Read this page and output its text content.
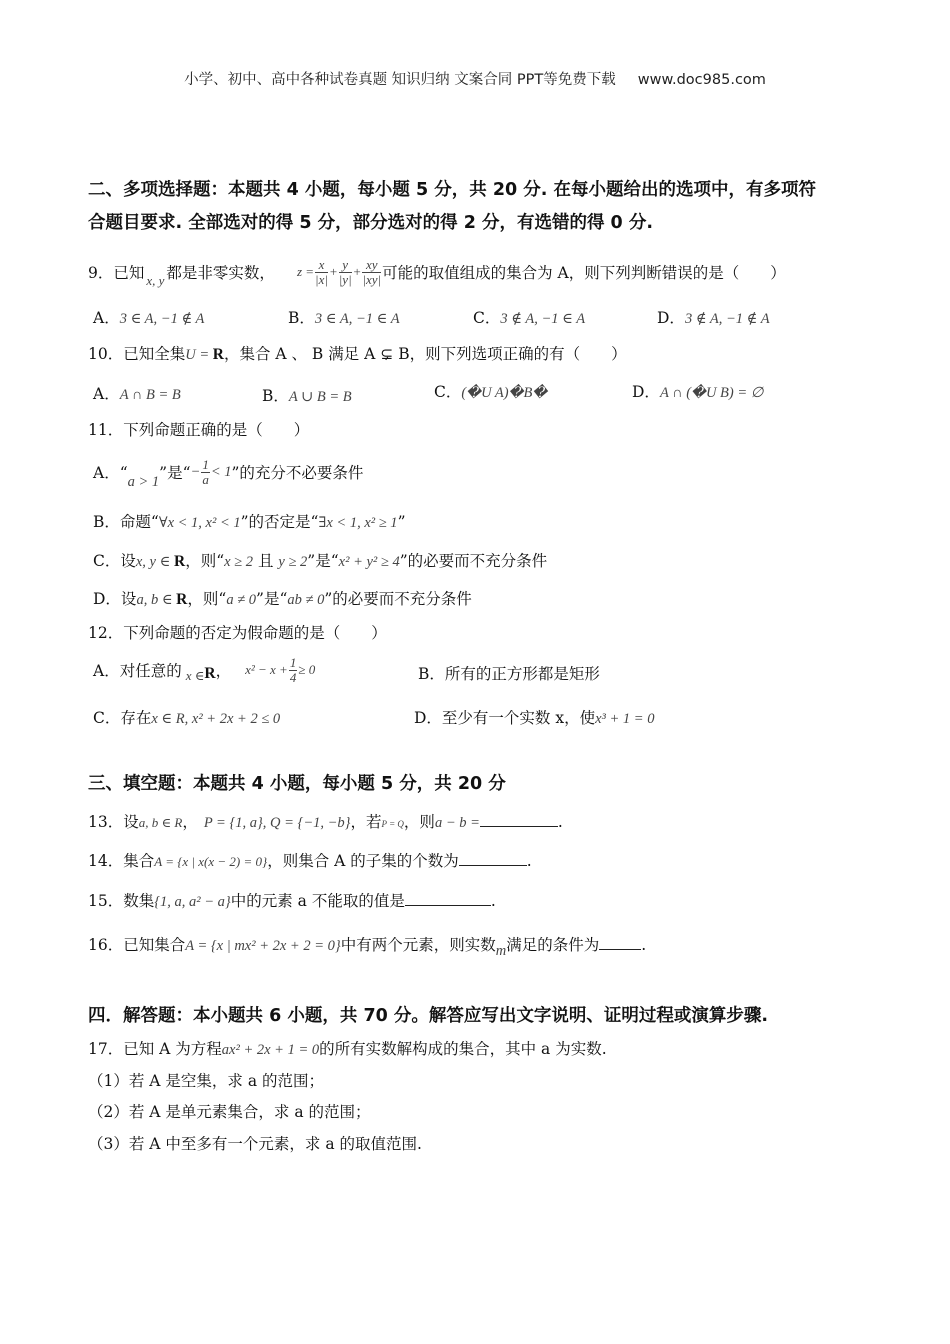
小学、初中、高中各种试卷真题 知识归纳 文案合同 PPT等免费下载 www.doc985.com
二、多项选择题：本题共 4 小题，每小题 5 分，共 20 分. 在每小题给出的选项中，有多项符
合题目要求. 全部选对的得 5 分，部分选对的得 2 分，有选错的得 0 分.
9．已知 x, y 都是非零实数， $z = \frac{x}{|x|} + \frac{y}{|y|} + \frac{xy}{|xy|}$ 可能的取值组成的集合为 A，则下列判断错误的是（　　）
A．3 ∈ A, −1 ∉ A	B．3 ∈ A, −1 ∈ A	C．3 ∉ A, −1 ∈ A	D．3 ∉ A, −1 ∉ A
10．已知全集U = R，集合 A 、 B 满足 A ⊊ B，则下列选项正确的有（　　）
A．A ∩ B = B	B．A ∪ B = B	C．(�U A)�B�	D．A ∩ (�U B) = ∅
11．下列命题正确的是（　　）
A．“ a > 1 ”是“ − $\frac{1}{a} < 1$ ”的充分不必要条件
B．命题“∀x < 1, x² < 1”的否定是“∃x < 1, x² ≥ 1”
C．设x, y ∈ R，则“x ≥ 2 且 y ≥ 2”是“x² + y² ≥ 4”的必要而不充分条件
D．设a, b ∈ R，则“a ≠ 0”是“ab ≠ 0”的必要而不充分条件
12．下列命题的否定为假命题的是（　　）
A．对任意的 x ∈ R ， $x^2 - x + \frac{1}{4} \ge 0$	B．所有的正方形都是矩形
C．存在x ∈ R, x² + 2x + 2 ≤ 0	D．至少有一个实数 x，使x³ + 1 = 0
三、填空题：本题共 4 小题，每小题 5 分，共 20 分
13．设a, b ∈ R， P = {1, a}, Q = {−1, −b}，若P = Q，则a − b =	.
14．集合A = {x | x(x − 2) = 0}，则集合 A 的子集的个数为	.
15．数集{1, a, a² − a}中的元素 a 不能取的值是	.
16．已知集合A = {x | mx² + 2x + 2 = 0}中有两个元素，则实数m满足的条件为	.
四．解答题：本小题共 6 小题，共 70 分。解答应写出文字说明、证明过程或演算步骤.
17．已知 A 为方程ax² + 2x + 1 = 0的所有实数解构成的集合，其中 a 为实数.
（1）若 A 是空集，求 a 的范围；
（2）若 A 是单元素集合，求 a 的范围；
（3）若 A 中至多有一个元素，求 a 的取值范围.
